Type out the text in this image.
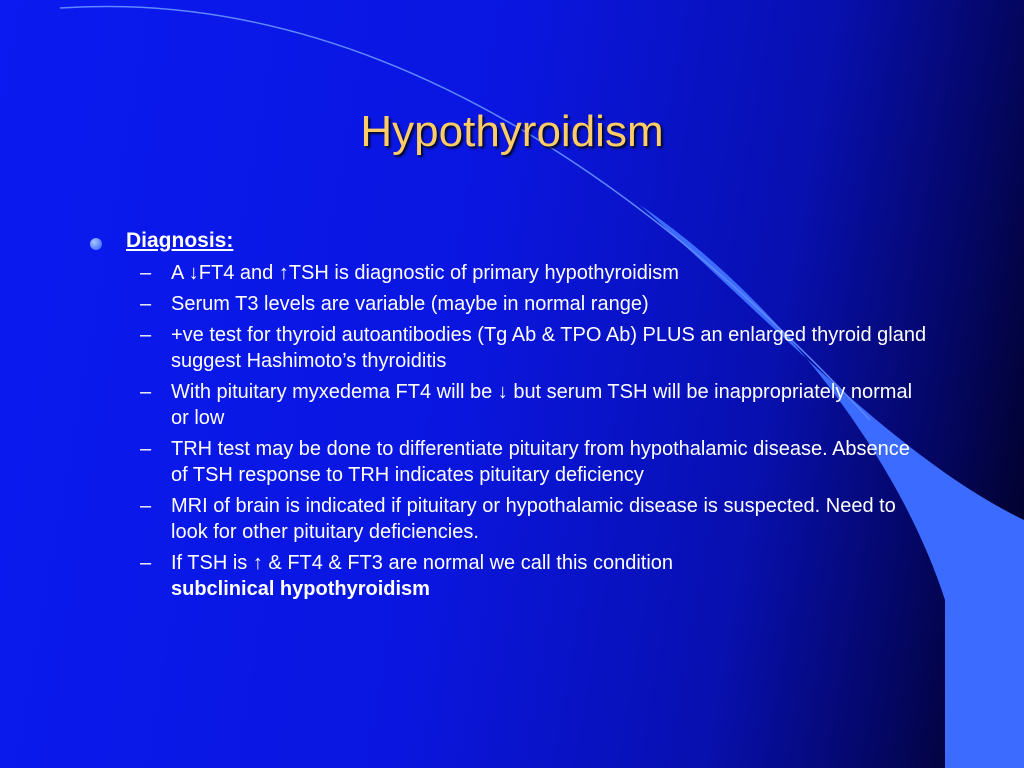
Hypothyroidism
Diagnosis:
– A ↓FT4 and ↑TSH is diagnostic of primary hypothyroidism
– Serum T3 levels are variable (maybe in normal range)
– +ve test for thyroid autoantibodies (Tg Ab & TPO Ab) PLUS an enlarged thyroid gland suggest Hashimoto’s thyroiditis
– With pituitary myxedema FT4 will be ↓ but serum TSH will be inappropriately normal or low
– TRH test may be done to differentiate pituitary from hypothalamic disease. Absence of TSH response to TRH indicates pituitary deficiency
– MRI of brain is indicated if pituitary or hypothalamic disease is suspected. Need to look for other pituitary deficiencies.
– If TSH is ↑ & FT4 & FT3 are normal we call this condition
subclinical hypothyroidism
